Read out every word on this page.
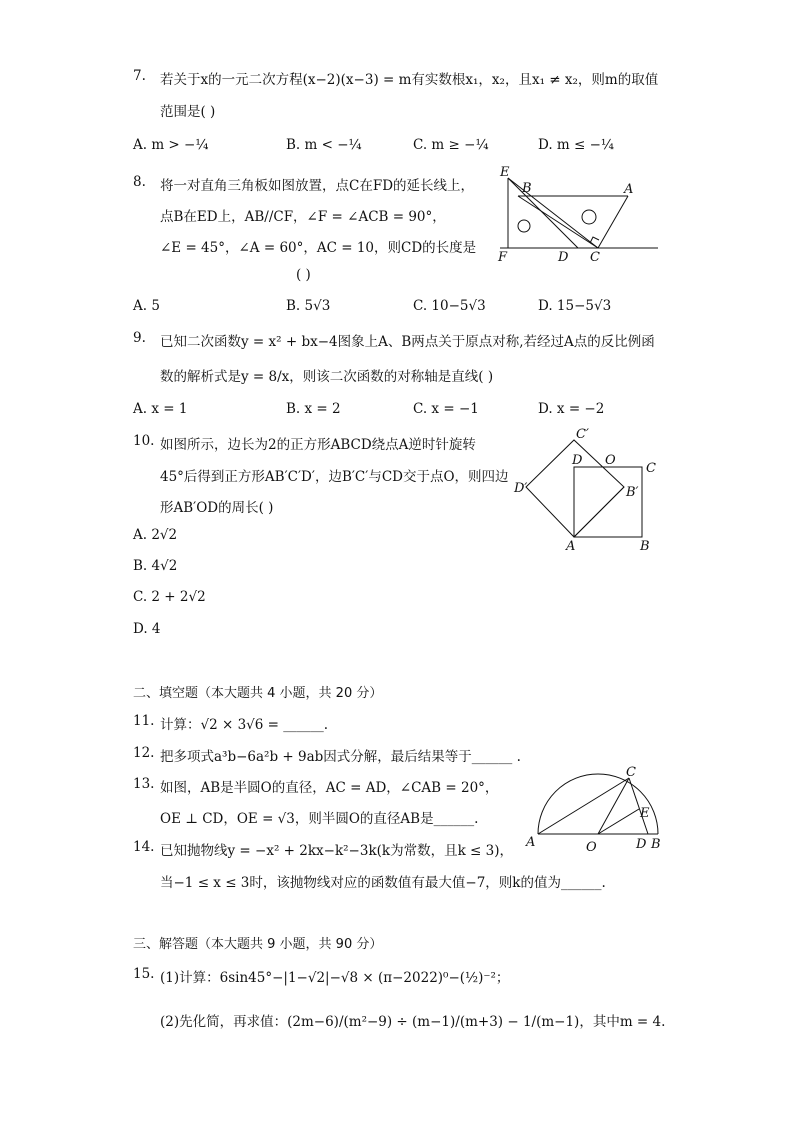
7. 若关于x的一元二次方程(x−2)(x−3) = m有实数根x₁，x₂，且x₁ ≠ x₂，则m的取值
范围是( )
A. m > −¼	B. m < −¼	C. m ≥ −¼	D. m ≤ −¼
8. 将一对直角三角板如图放置，点C在FD的延长线上，
点B在ED上，AB//CF，∠F = ∠ACB = 90°，
∠E = 45°，∠A = 60°，AC = 10，则CD的长度是
( )
A. 5	B. 5√3	C. 10−5√3	D. 15−5√3
E
B	A
F	D C
9. 已知二次函数y = x² + bx−4图象上A、B两点关于原点对称,若经过A点的反比例函
数的解析式是y = 8/x，则该二次函数的对称轴是直线( )
A. x = 1	B. x = 2	C. x = −1	D. x = −2
10. 如图所示，边长为2的正方形ABCD绕点A逆时针旋转
45°后得到正方形AB′C′D′，边B′C′与CD交于点O，则四边
形AB′OD的周长( )
A. 2√2
B. 4√2
C. 2 + 2√2
D. 4
C′
D O
C
D′	B′
A	B
二、填空题（本大题共 4 小题，共 20 分）
11. 计算：√2 × 3√6 = ______.
12. 把多项式a³b−6a²b + 9ab因式分解，最后结果等于______ .
13. 如图，AB是半圆O的直径，AC = AD，∠CAB = 20°，
OE ⊥ CD，OE = √3，则半圆O的直径AB是______.
14. 已知抛物线y = −x² + 2kx−k²−3k(k为常数，且k ≤ 3)，
当−1 ≤ x ≤ 3时，该抛物线对应的函数值有最大值−7，则k的值为______.
C
E
A	O	D B
三、解答题（本大题共 9 小题，共 90 分）
15. (1)计算：6sin45°−|1−√2|−√8 × (π−2022)⁰−(½)⁻²；
(2)先化简，再求值：(2m−6)/(m²−9) ÷ (m−1)/(m+3) − 1/(m−1)，其中m = 4.
